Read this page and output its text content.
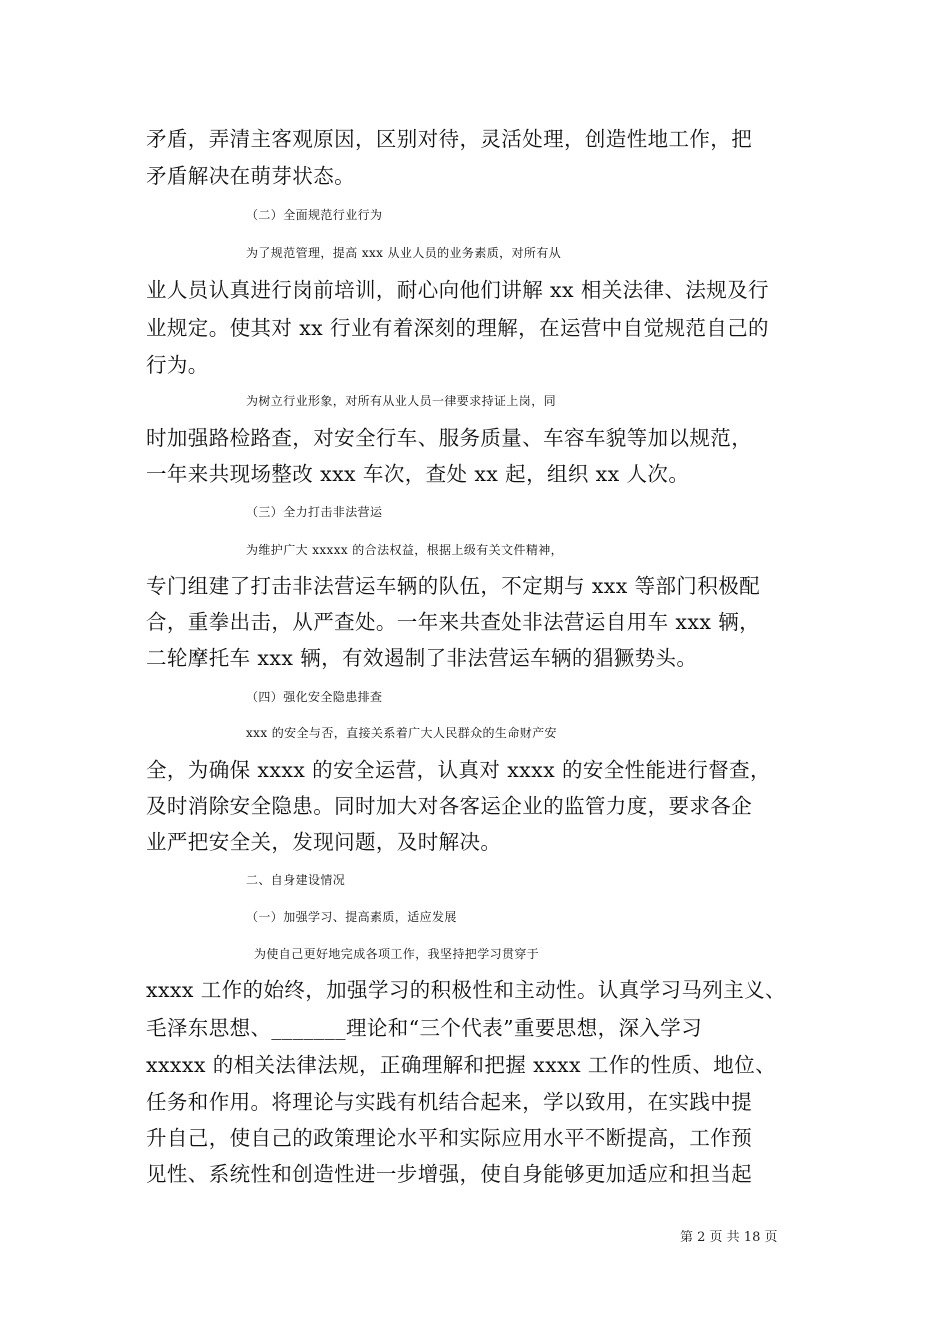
矛盾，弄清主客观原因，区别对待，灵活处理，创造性地工作，把
矛盾解决在萌芽状态。
（二）全面规范行业行为
为了规范管理，提高 xxx 从业人员的业务素质，对所有从
业人员认真进行岗前培训，耐心向他们讲解 xx 相关法律、法规及行
业规定。使其对 xx 行业有着深刻的理解，在运营中自觉规范自己的
行为。
为树立行业形象，对所有从业人员一律要求持证上岗，同
时加强路检路查，对安全行车、服务质量、车容车貌等加以规范，
一年来共现场整改 xxx 车次，查处 xx 起，组织 xx 人次。
（三）全力打击非法营运
为维护广大 xxxxx 的合法权益，根据上级有关文件精神，
专门组建了打击非法营运车辆的队伍，不定期与 xxx 等部门积极配
合，重拳出击，从严查处。一年来共查处非法营运自用车 xxx 辆，
二轮摩托车 xxx 辆，有效遏制了非法营运车辆的猖獗势头。
（四）强化安全隐患排查
xxx 的安全与否，直接关系着广大人民群众的生命财产安
全，为确保 xxxx 的安全运营，认真对 xxxx 的安全性能进行督查，
及时消除安全隐患。同时加大对各客运企业的监管力度，要求各企
业严把安全关，发现问题，及时解决。
二、自身建设情况
（一）加强学习、提高素质，适应发展
为使自己更好地完成各项工作，我坚持把学习贯穿于
xxxx 工作的始终，加强学习的积极性和主动性。认真学习马列主义、
毛泽东思想、_______理论和“三个代表”重要思想，深入学习
xxxxx 的相关法律法规，正确理解和把握 xxxx 工作的性质、地位、
任务和作用。将理论与实践有机结合起来，学以致用，在实践中提
升自己，使自己的政策理论水平和实际应用水平不断提高，工作预
见性、系统性和创造性进一步增强，使自身能够更加适应和担当起
第 2 页 共 18 页
